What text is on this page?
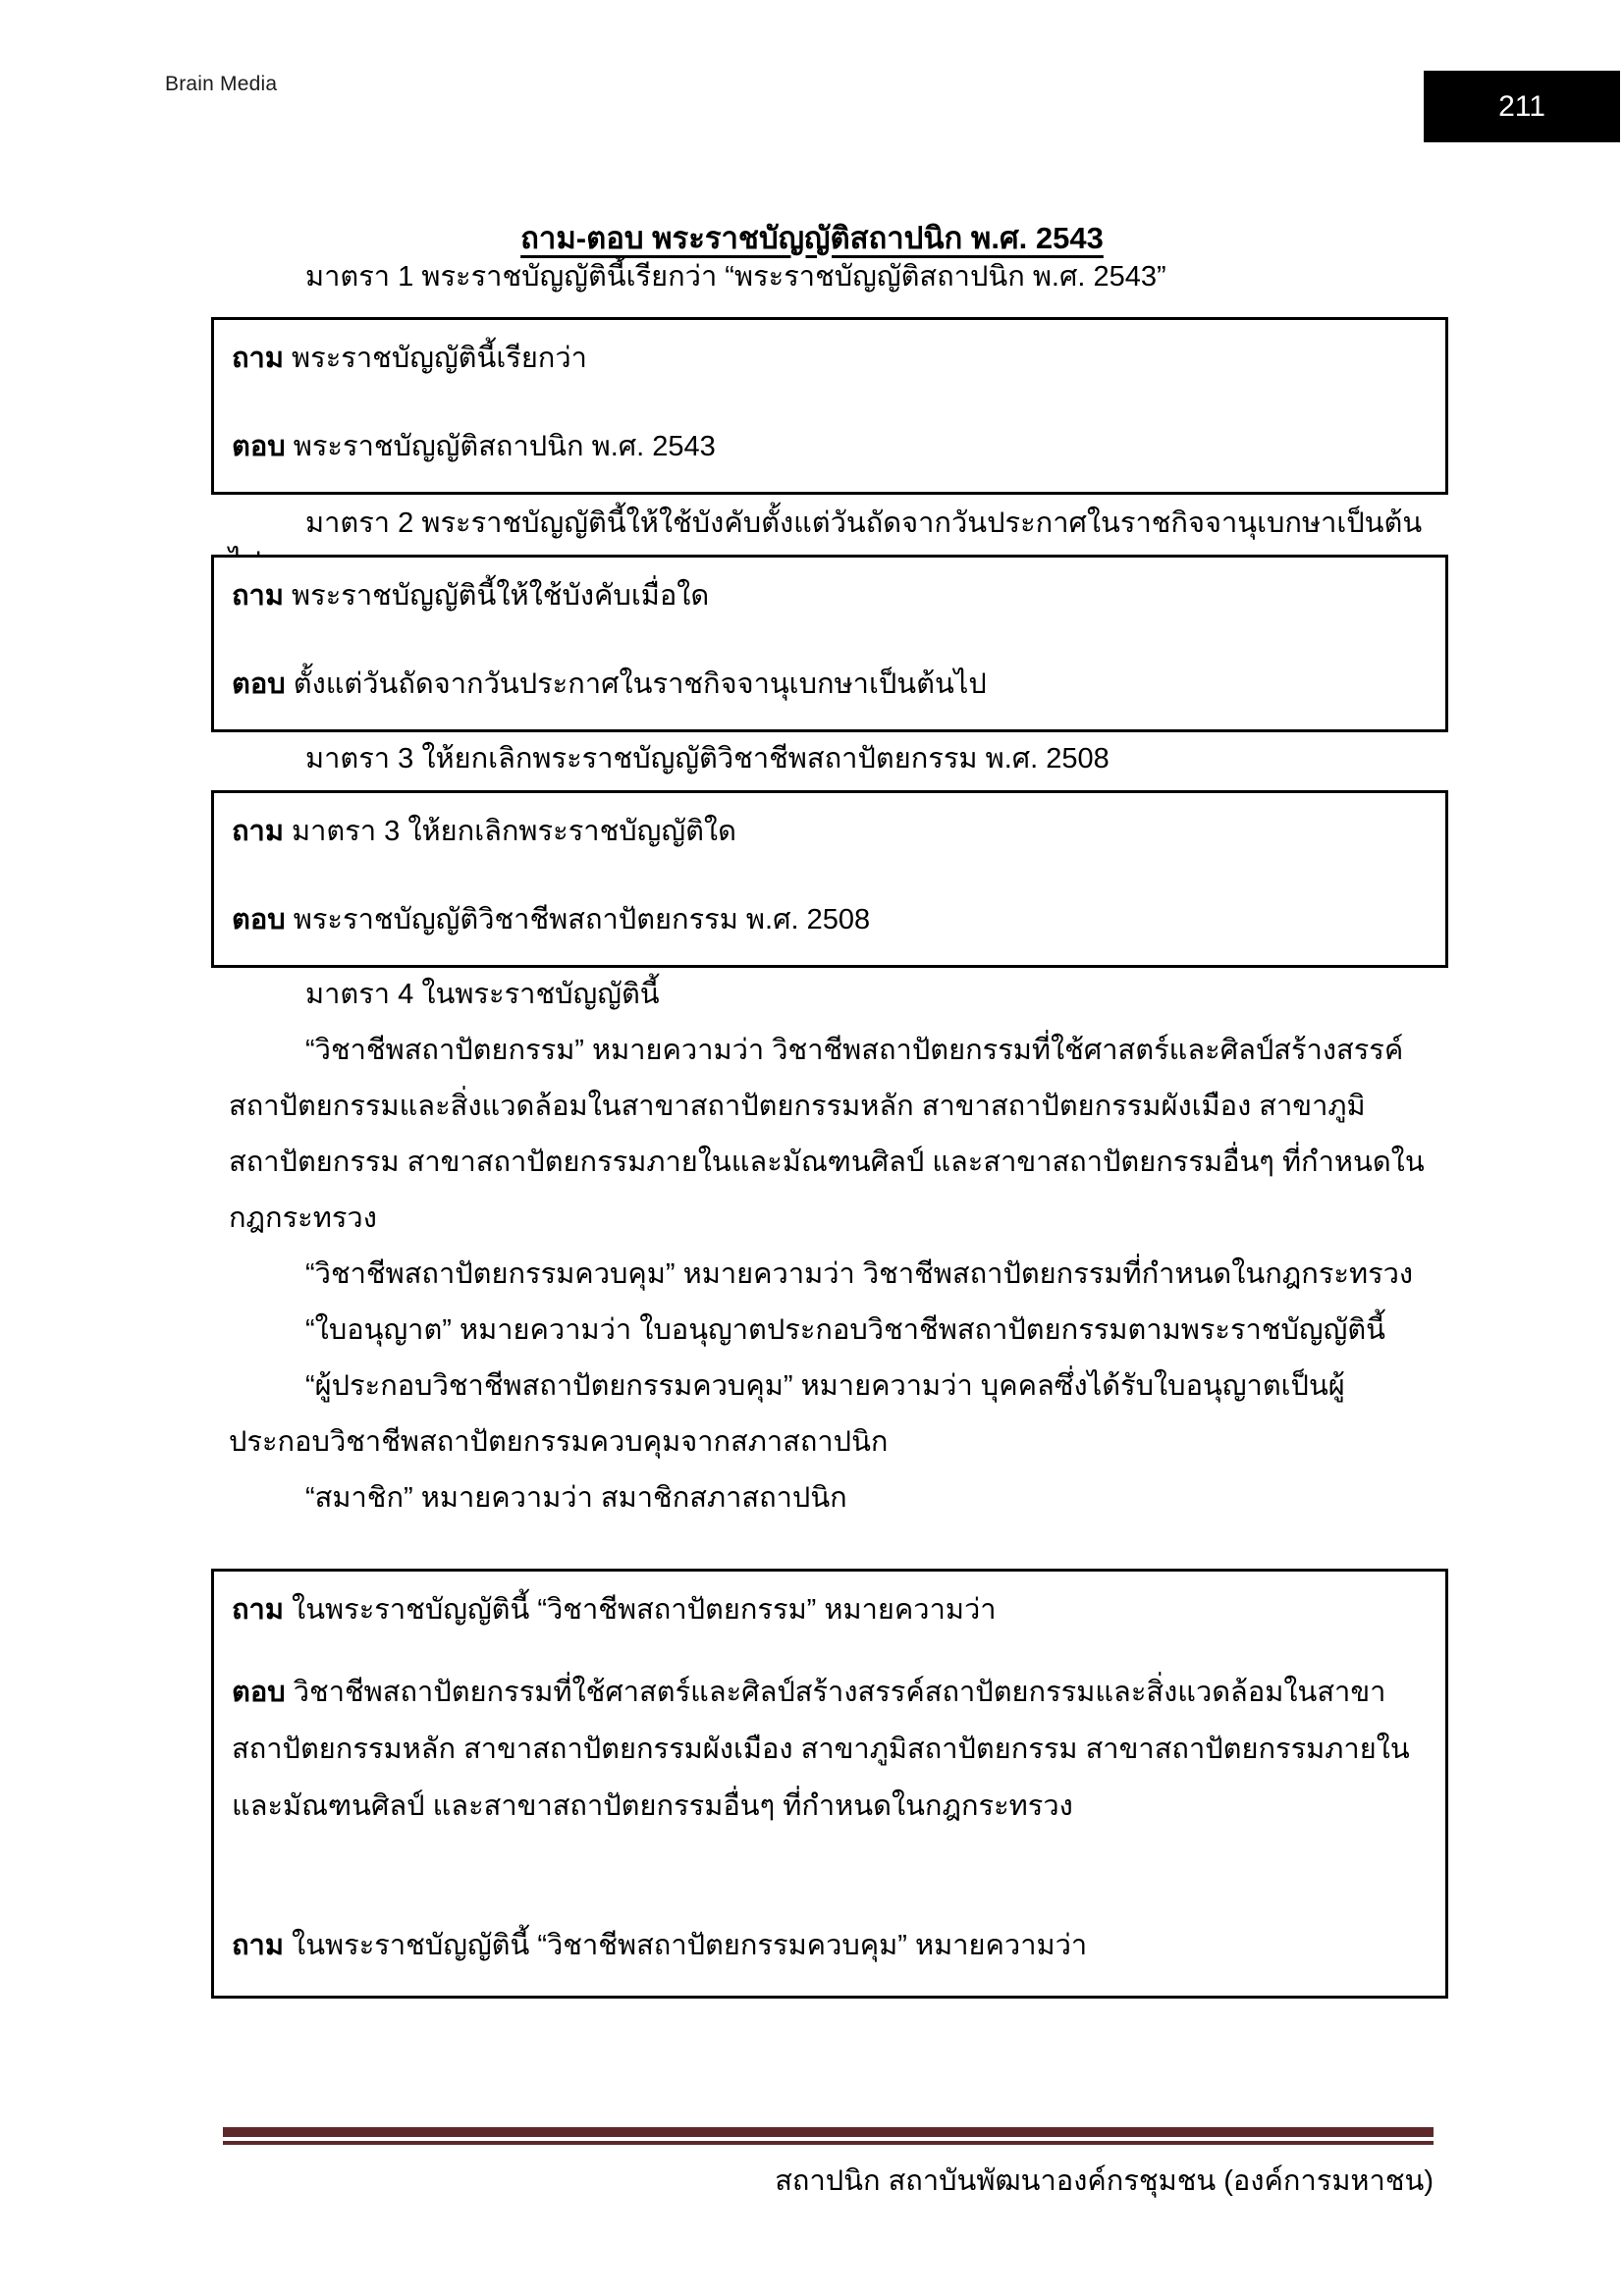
Brain Media
211
ถาม-ตอบ พระราชบัญญัติสถาปนิก พ.ศ. 2543

มาตรา 1 พระราชบัญญัตินี้เรียกว่า “พระราชบัญญัติสถาปนิก พ.ศ. 2543”

ถาม พระราชบัญญัตินี้เรียกว่า

ตอบ พระราชบัญญัติสถาปนิก พ.ศ. 2543

มาตรา 2 พระราชบัญญัตินี้ให้ใช้บังคับตั้งแต่วันถัดจากวันประกาศในราชกิจจานุเบกษาเป็นต้น

ถาม พระราชบัญญัตินี้ให้ใช้บังคับเมื่อใด

ตอบ ตั้งแต่วันถัดจากวันประกาศในราชกิจจานุเบกษาเป็นต้นไป

มาตรา 3 ให้ยกเลิกพระราชบัญญัติวิชาชีพสถาปัตยกรรม พ.ศ. 2508

ถาม มาตรา 3 ให้ยกเลิกพระราชบัญญัติใด

ตอบ พระราชบัญญัติวิชาชีพสถาปัตยกรรม พ.ศ. 2508

มาตรา 4 ในพระราชบัญญัตินี้

“วิชาชีพสถาปัตยกรรม” หมายความว่า วิชาชีพสถาปัตยกรรมที่ใช้ศาสตร์และศิลป์สร้างสรรค์สถาปัตยกรรมและสิ่งแวดล้อมในสาขาสถาปัตยกรรมหลัก สาขาสถาปัตยกรรมผังเมือง สาขาภูมิสถาปัตยกรรม สาขาสถาปัตยกรรมภายในและมัณฑนศิลป์ และสาขาสถาปัตยกรรมอื่นๆ ที่กำหนดในกฎกระทรวง

“วิชาชีพสถาปัตยกรรมควบคุม” หมายความว่า วิชาชีพสถาปัตยกรรมที่กำหนดในกฎกระทรวง

“ใบอนุญาต” หมายความว่า ใบอนุญาตประกอบวิชาชีพสถาปัตยกรรมตามพระราชบัญญัตินี้

“ผู้ประกอบวิชาชีพสถาปัตยกรรมควบคุม” หมายความว่า บุคคลซึ่งได้รับใบอนุญาตเป็นผู้ประกอบวิชาชีพสถาปัตยกรรมควบคุมจากสภาสถาปนิก

“สมาชิก” หมายความว่า สมาชิกสภาสถาปนิก

ถาม ในพระราชบัญญัตินี้ “วิชาชีพสถาปัตยกรรม” หมายความว่า

ตอบ วิชาชีพสถาปัตยกรรมที่ใช้ศาสตร์และศิลป์สร้างสรรค์สถาปัตยกรรมและสิ่งแวดล้อมในสาขาสถาปัตยกรรมหลัก สาขาสถาปัตยกรรมผังเมือง สาขาภูมิสถาปัตยกรรม สาขาสถาปัตยกรรมภายในและมัณฑนศิลป์ และสาขาสถาปัตยกรรมอื่นๆ ที่กำหนดในกฎกระทรวง

ถาม ในพระราชบัญญัตินี้ “วิชาชีพสถาปัตยกรรมควบคุม” หมายความว่า

สถาปนิก สถาบันพัฒนาองค์กรชุมชน (องค์การมหาชน)
